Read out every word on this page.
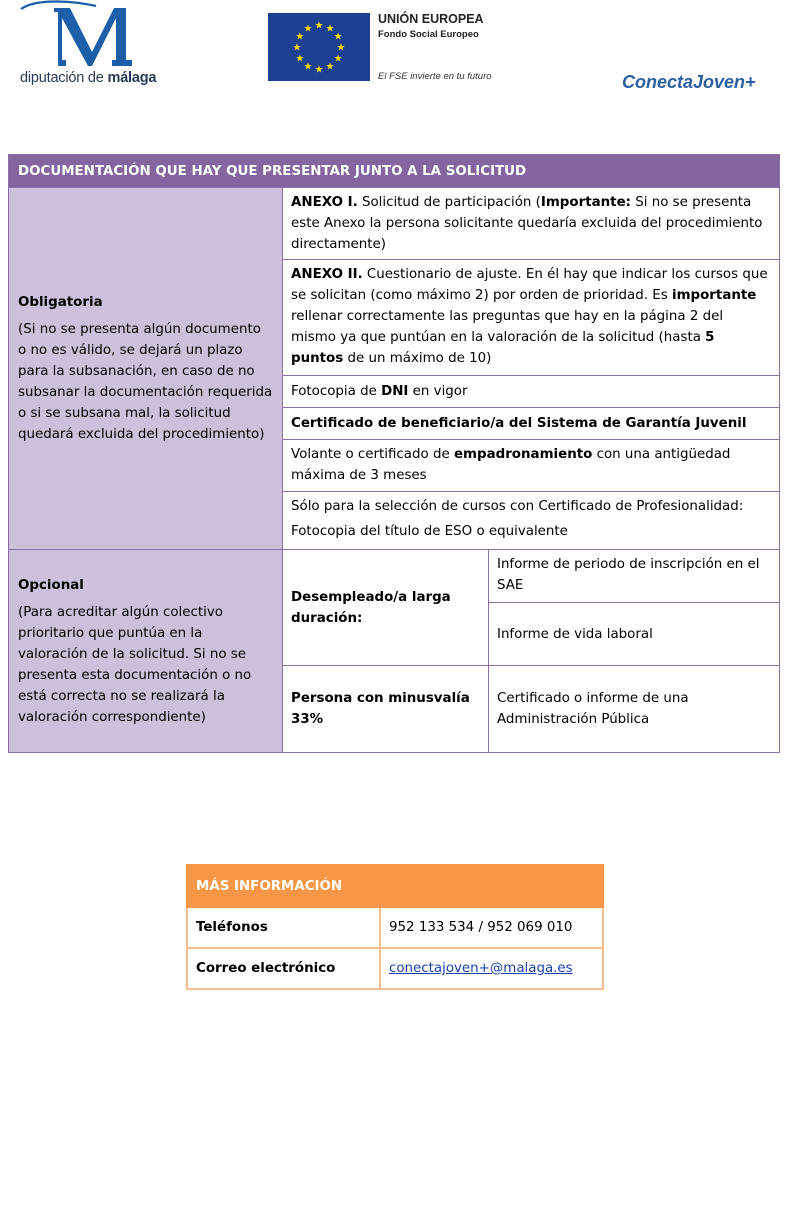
diputación de málaga
★ ★
★
★
★
★
★
★
★
★
★
★
UNIÓN EUROPEA
Fondo Social Europeo
El FSE invierte en tu futuro	ConectaJoven+
DOCUMENTACIÓN QUE HAY QUE PRESENTAR JUNTO A LA SOLICITUD		

Obligatoria
(Si no se presenta algún documento o no es válido, se dejará un plazo para la subsanación, en caso de no subsanar la documentación requerida o si se subsana mal, la solicitud quedará excluida del procedimiento)	ANEXO I. Solicitud de participación (Importante: Si no se presenta este Anexo la persona solicitante quedaría excluida del procedimiento directamente)	
	ANEXO II. Cuestionario de ajuste. En él hay que indicar los cursos que se solicitan (como máximo 2) por orden de prioridad. Es importante rellenar correctamente las preguntas que hay en la página 2 del mismo ya que puntúan en la valoración de la solicitud (hasta 5 puntos de un máximo de 10)	
	Fotocopia de DNI en vigor	
	Certificado de beneficiario/a del Sistema de Garantía Juvenil	
	Volante o certificado de empadronamiento con una antigüedad máxima de 3 meses	

	Sólo para la selección de cursos con Certificado de Profesionalidad:
Fotocopia del título de ESO o equivalente	

Opcional
(Para acreditar algún colectivo prioritario que puntúa en la valoración de la solicitud. Si no se presenta esta documentación o no está correcta no se realizará la valoración correspondiente)	Desempleado/a larga duración:	Informe de periodo de inscripción en el SAE
		Informe de vida laboral
	Persona con minusvalía 33%	Certificado o informe de una Administración Pública
MÁS INFORMACIÓN	
Teléfonos	952 133 534 / 952 069 010
Correo electrónico	conectajoven+@malaga.es
